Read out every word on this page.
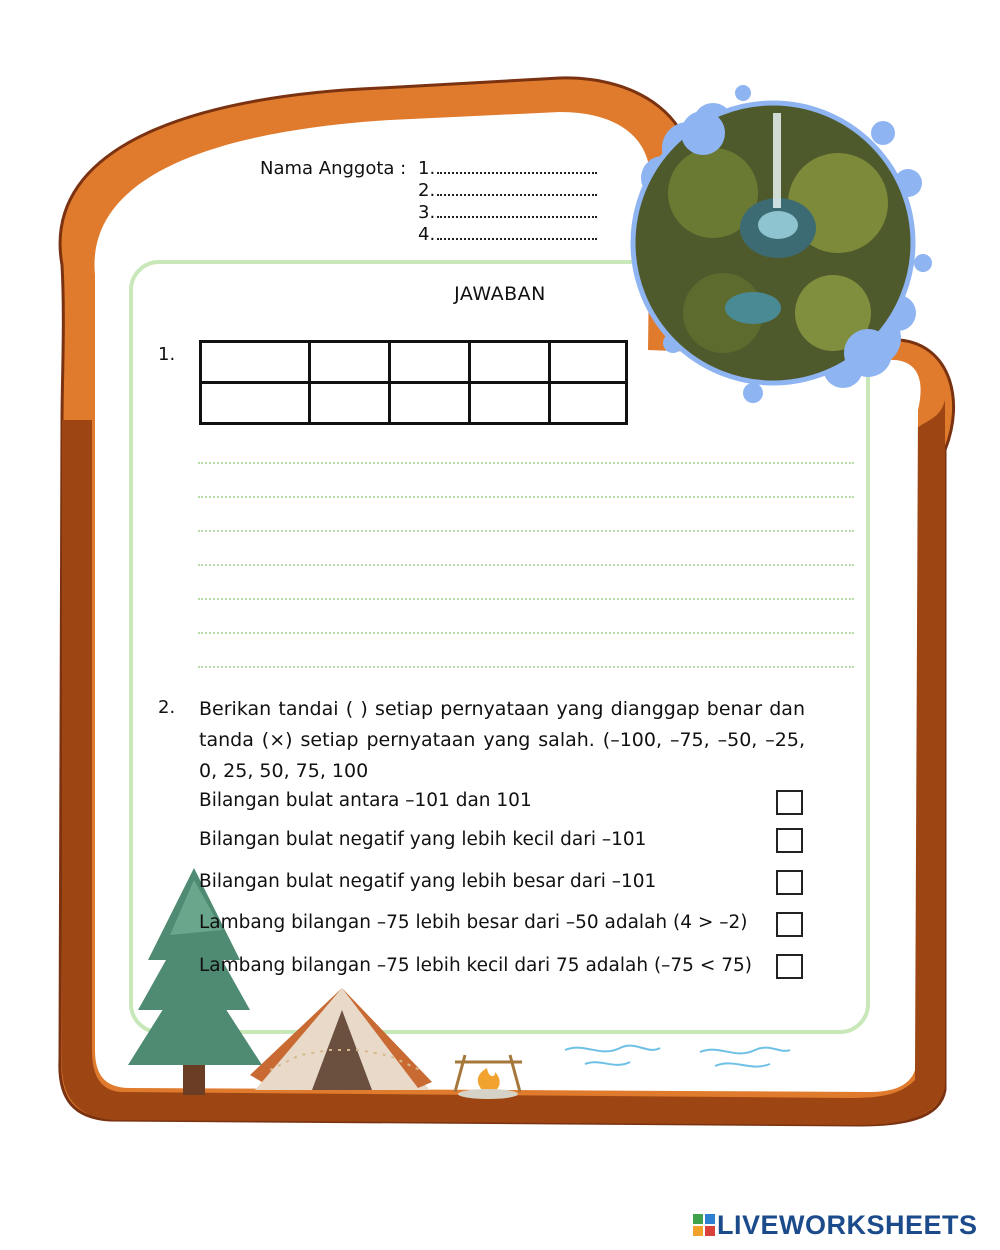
Nama Anggota : 1.
2.
3.
4.
JAWABAN
1.

2. Berikan tandai ( ) setiap pernyataan yang dianggap benar dan tanda (×) setiap pernyataan yang salah. (–100, –75, –50, –25, 0, 25, 50, 75, 100
Bilangan bulat antara –101 dan 101
Bilangan bulat negatif yang lebih kecil dari –101
Bilangan bulat negatif yang lebih besar dari –101
Lambang bilangan –75 lebih besar dari –50 adalah (4 > –2)
Lambang bilangan –75 lebih kecil dari 75 adalah (–75 < 75)
LIVEWORKSHEETS
